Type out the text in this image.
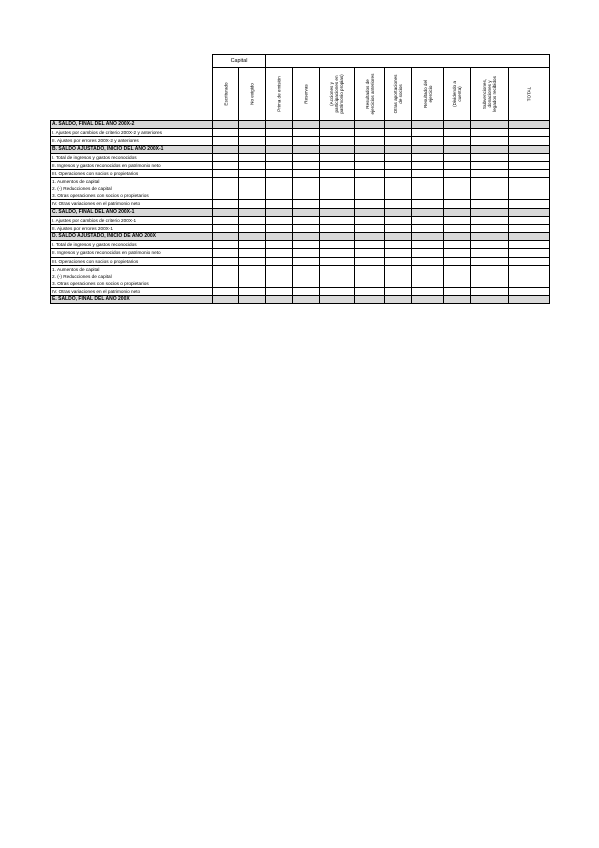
	Capital										

	Escriturado	No exigido	Prima de emisión	Reservas	(Acciones y
participaciones en
patrimonio propias)	Resultados de
ejercicios anteriores	Otras aportaciones
de socios	Resultado del
ejercicio	(Dividendo a
cuenta)	Subvenciones,
donaciones y
legados recibidos	TOTAL

A. SALDO, FINAL DEL AÑO 200X-2											
I. Ajustes por cambios de criterio 200X-2 y anteriores											
II. Ajustes por errores 200X-2 y anteriores											
B. SALDO AJUSTADO, INICIO DEL AÑO 200X-1											
I. Total de ingresos y gastos reconocidos											
II. Ingresos y gastos reconocidos en patrimonio neto											
III. Operaciones con socios o propietarios											
1. Aumentos de capital
2. (-) Reducciones de capital
3. Otras operaciones con socios o propietarios											
IV. Otras variaciones en el patrimonio neto											
C. SALDO, FINAL DEL AÑO 200X-1											
I. Ajustes por cambios de criterio 200X-1											
II. Ajustes por errores 200X-1											
D. SALDO AJUSTADO, INICIO DE AÑO 200X											
I. Total de ingresos y gastos reconocidos											
II. Ingresos y gastos reconocidos en patrimonio neto											
III. Operaciones con socios o propietarios											
1. Aumentos de capital
2. (-) Reducciones de capital
3. Otras operaciones con socios o propietarios											
IV. Otras variaciones en el patrimonio neto											
E. SALDO, FINAL DEL AÑO 200X											
